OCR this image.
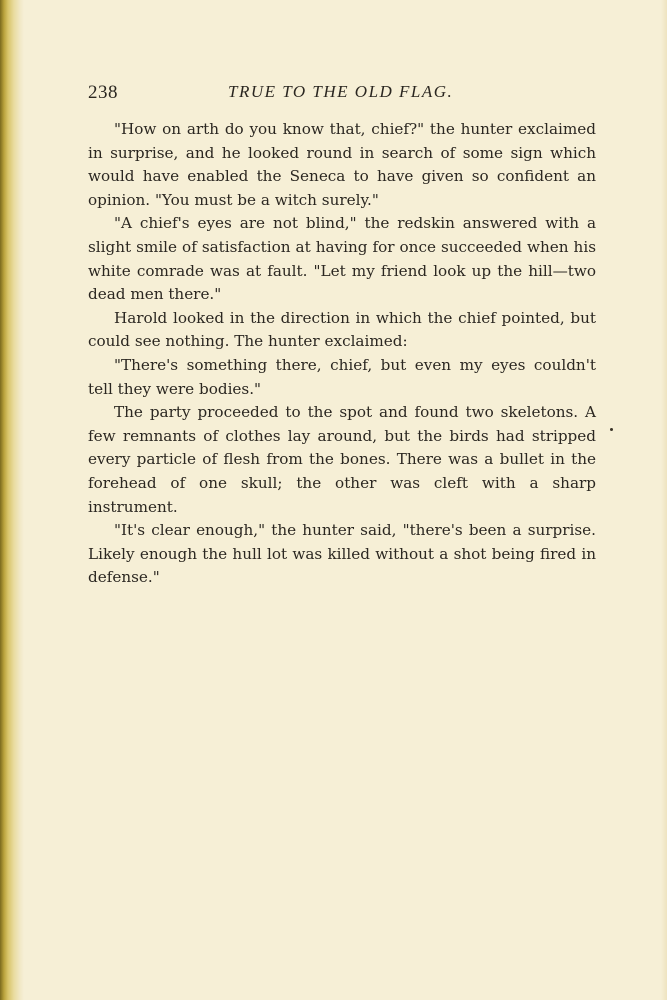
238	TRUE TO THE OLD FLAG.

"How on arth do you know that, chief?" the hunter exclaimed in surprise, and he looked round in search of some sign which would have enabled the Seneca to have given so confident an opinion. "You must be a witch surely."

"A chief's eyes are not blind," the redskin answered with a slight smile of satisfaction at having for once succeeded when his white comrade was at fault. "Let my friend look up the hill—two dead men there."

Harold looked in the direction in which the chief pointed, but could see nothing. The hunter exclaimed:

"There's something there, chief, but even my eyes couldn't tell they were bodies."

The party proceeded to the spot and found two skeletons. A few remnants of clothes lay around, but the birds had stripped every particle of flesh from the bones. There was a bullet in the forehead of one skull; the other was cleft with a sharp instrument.

"It's clear enough," the hunter said, "there's been a surprise. Likely enough the hull lot was killed without a shot being fired in defense."
